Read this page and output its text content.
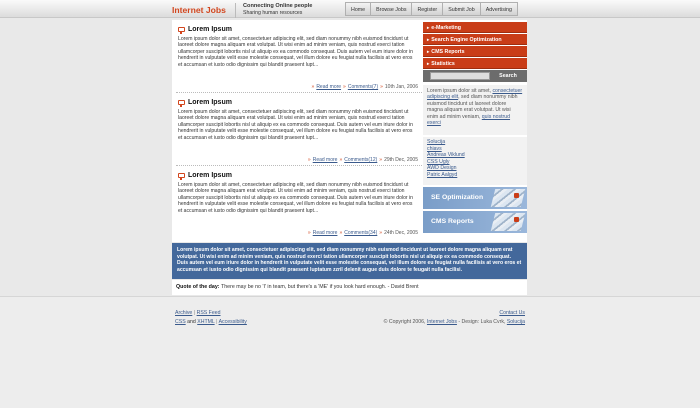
Internet Jobs	Connecting Online people
Sharing human resources	Home	Browse Jobs	Register	Submit Job	Advertising
Lorem Ipsum
Lorem ipsum dolor sit amet, consectetuer adipiscing elit, sed diam nonummy nibh euismod tincidunt ut laoreet dolore magna aliquam erat volutpat. Ut wisi enim ad minim veniam, quis nostrud exerci tation ullamcorper suscipit lobortis nisl ut aliquip ex ea commodo consequat. Duis autem vel eum iriure dolor in hendrerit in vulputate velit esse molestie consequat, vel illum dolore eu feugiat nulla facilisis at vero eros et accumsan et iusto odio dignissim qui blandit praesent lupt...
» Read more » Comments(7) » 10th Jan, 2006
Lorem Ipsum
Lorem ipsum dolor sit amet, consectetuer adipiscing elit, sed diam nonummy nibh euismod tincidunt ut laoreet dolore magna aliquam erat volutpat. Ut wisi enim ad minim veniam, quis nostrud exerci tation ullamcorper suscipit lobortis nisl ut aliquip ex ea commodo consequat. Duis autem vel eum iriure dolor in hendrerit in vulputate velit esse molestie consequat, vel illum dolore eu feugiat nulla facilisis at vero eros et accumsan et iusto odio dignissim qui blandit praesent lupt...
» Read more » Comments(12) » 29th Dec, 2005
Lorem Ipsum
Lorem ipsum dolor sit amet, consectetuer adipiscing elit, sed diam nonummy nibh euismod tincidunt ut laoreet dolore magna aliquam erat volutpat. Ut wisi enim ad minim veniam, quis nostrud exerci tation ullamcorper suscipit lobortis nisl ut aliquip ex ea commodo consequat. Duis autem vel eum iriure dolor in hendrerit in vulputate velit esse molestie consequat, vel illum dolore eu feugiat nulla facilisis at vero eros et accumsan et iusto odio dignissim qui blandit praesent lupt...
» Read more » Comments(34) » 24th Dec, 2005
▸ e-Marketing
▸ Search Engine Optimization
▸ CMS Reports
▸ Statistics
Search
Lorem ipsum dolor sit amet, consectetuer adipiscing elit, sed diam nonummy nibh euismod tincidunt ut laoreet dolore magna aliquam erat volutpat. Ut wisi enim ad minim veniam, quis nostrud exerci
Solucija
chiavs
Andreas Viklund
CSS Ugly
AWD Design
Patric Aalgyd
SE Optimization
CMS Reports
Lorem ipsum dolor sit amet, consectetuer adipiscing elit, sed diam nonummy nibh euismod tincidunt ut laoreet dolore magna aliquam erat volutpat. Ut wisi enim ad minim veniam, quis nostrud exerci tation ullamcorper suscipit lobortis nisl ut aliquip ex ea commodo consequat. Duis autem vel eum iriure dolor in hendrerit in vulputate velit esse molestie consequat, vel illum dolore eu feugiat nulla facilisis at vero eros et accumsan et iusto odio dignissim qui blandit praesent luptatum zzril delenit augue duis dolore te feugait nulla facilisi.
Quote of the day: There may be no 'I' in team, but there's a 'ME' if you look hard enough. - David Brent
Archive | RSS Feed
CSS and XHTML | Accessibility
Contact Us
© Copyright 2006, Internet Jobs - Design: Luka Cvrk, Solucija
